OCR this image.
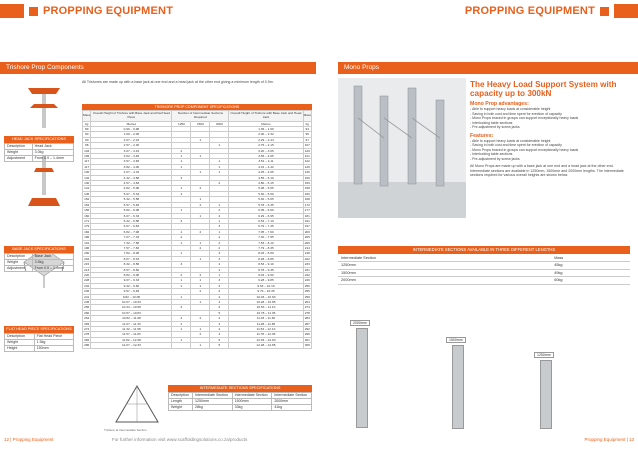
PROPPING EQUIPMENT	PROPPING EQUIPMENT
Trishore Prop Components	Mono Props
HEAD JACK SPECIFICATIONS
Description	Head Jack
Weight	3.0kg
Adjustment	From 0.9 – 1.4mm
BASE JACK SPECIFICATIONS
Description	Base Jack
Weight	3.5kg
Adjustment	From 0.9 – 1.4mm
FLAT HEAD PIECE SPECIFICATIONS
Description	Flat Head Piece
Weight	1.5kg
Height	150mm

All Trishores are made up with a base jack at one end and a head jack at the other end giving a minimum length of 0.9m.

TRISHORE PROP COMPONENT SPECIFICATIONS
Mass	Overall Height of Trishore with Base Jack and Flat Head Piece	Number of Intermediate Sections Required			Overall Height of Trishore with Base Jack and Head Jack	Mass
kg	Metres	1250	1500	2000	Metres	kg
89	0.90 – 0.98				1.35 – 1.60	94
90	1.00 – 2.06				2.00 – 2.32	95
90	2.07 – 2.23		1		2.29 – 2.44	97
98	2.57 – 2.30			1	2.75 – 2.15	107
104	3.07 – 3.43	2			3.20 – 3.65	120
109	3.62 – 3.83	1	1		3.55 – 4.05	121
117	3.57 – 3.83	1		1	3.51 – 4.11	122
117	3.82 – 4.06	1		1	4.01 – 4.42	126
130	4.07 – 4.33		1	1	4.25 – 4.65	130
132	4.32 – 4.58	3			4.55 – 5.10	150
130	4.57 – 4.83			2	4.80 – 5.15	159
141	4.82 – 5.08	1	2		5.08 – 5.55	158
145	5.07 – 5.33	4			5.30 – 5.60	160
152	5.32 – 5.58		1		5.30 – 5.65	168
154	5.57 – 5.83		2	1	5.78 – 6.35	172
156	5.82 – 6.08	1		2	6.05 – 6.60	177
160	6.07 – 6.33		1	2	6.29 – 6.95	181
171	6.32 – 6.58	3		1	6.53 – 7.10	191
179	6.57 – 6.83			3	6.79 – 7.45	197
182	6.82 – 7.08	1	2	1	7.05 – 7.60	200
186	7.07 – 7.33	2		2	7.30 – 7.95	205
191	7.32 – 7.58	1	1	2	7.53 – 8.10	209
196	7.57 – 7.83		2	2	7.79 – 8.35	214
200	7.82 – 8.08	1		3	8.03 – 8.60	218
204	8.07 – 8.33		1	3	8.28 – 8.85	222
215	8.32 – 8.58	3		2	8.53 – 9.10	233
213	8.57 – 8.82			4	8.78 – 9.35	231
220	8.82 – 9.08	2	2	1	9.03 – 9.60	242
228	9.07 – 9.33	1	1	3	9.28 – 9.85	246
232	9.32 – 9.60	1	1	3	9.53 – 10.10	250
236	9.57 – 9.83		2	3	9.79 – 10.35	255
241	9.82 – 10.08	1		4	10.03 – 10.60	259
245	10.07 – 10.33		1	4	10.28 – 10.85	264
256	10.34 – 10.58	3		3	10.53 – 11.10	274
260	10.57 – 10.83			5	10.78 – 11.35	278
264	10.82 – 11.08	2	2	2	11.03 – 11.60	283
269	11.07 – 11.33	2		4	11.28 – 11.85	287
274	11.32 – 11.58	1	1	4	11.53 – 12.10	292
278	11.57 – 11.83		2	4	11.78 – 12.35	296
282	11.82 – 12.08	1		5	12.03 – 12.60	301
286	12.07 – 12.33		1	5	12.28 – 12.85	305
Trishore at Intermediate Section
INTERMEDIATE SECTIONS SPECIFICATIONS
Description	Intermediate Section	Intermediate Section	Intermediate Section
Length	1250mm	1500mm	2000mm
Weight	28kg	33kg	41kg
The Heavy Load Support System with capacity up to 300kN
Mono Prop advantages:
- Able to support heavy loads at considerable height
- Saving in both cost and time spent for erection of capacity
- Mono Props braced in groups can support exceptionally heavy loads
- Interlocking table sections
- Pre-adjustment by screw jacks
Features:
- Able to support heavy loads at considerable height
- Saving in both cost and time spent for erection of capacity
- Mono Props braced in groups can support exceptionally heavy loads
- Interlocking table sections
- Pre-adjustment by screw jacks

All Mono Props are made up with a base jack at one end and a head jack at the other end. Intermediate sections are available in 1250mm, 1500mm and 2000mm lengths. The intermediate sections required for various overall heights are shown below.

INTERMEDIATE SECTIONS AVAILABLE IN THREE DIFFERENT LENGTHS
Intermediate Section	Mass
1250mm	45kg
1500mm	49kg
2000mm	60kg
2000mm
1500mm
1250mm
12 | Propping Equipment	For further information visit www.scaffoldingsolutions.co.za/products	Propping Equipment | 13
